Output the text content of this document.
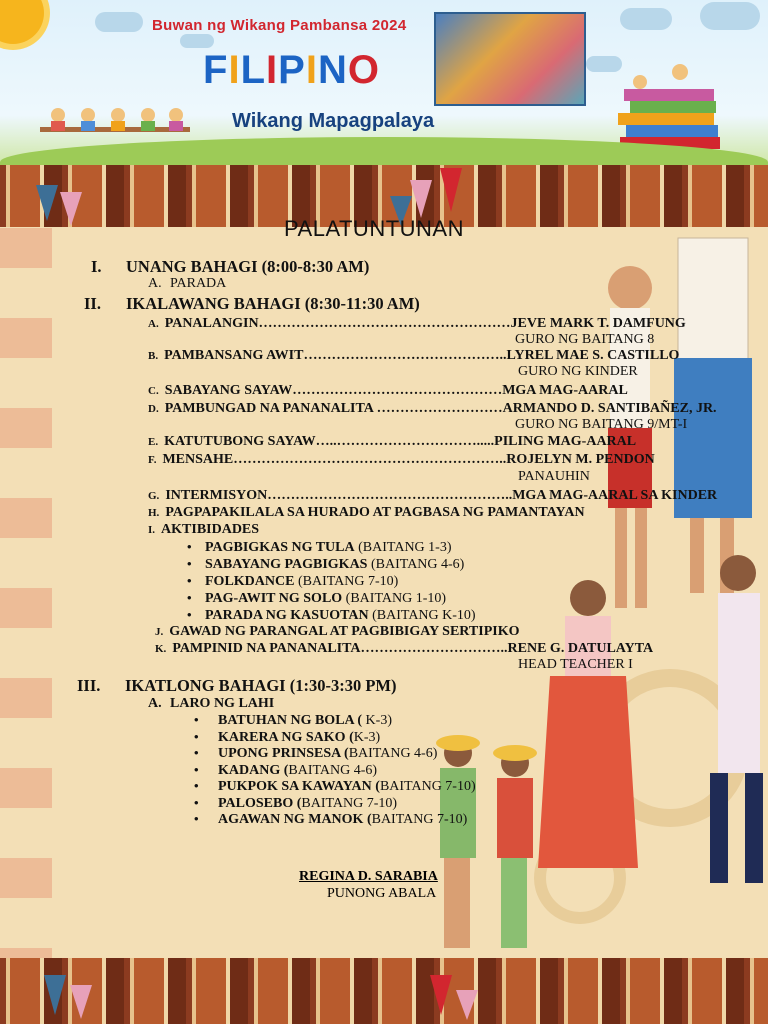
Buwan ng Wikang Pambansa 2024
FILIPINO
Wikang Mapagpalaya
PALATUNTUNAN
I. UNANG BAHAGI (8:00-8:30 AM)
A. PARADA
II. IKALAWANG BAHAGI (8:30-11:30 AM)
A. PANALANGIN………………………………………………JEVE MARK T. DAMFUNG
GURO NG BAITANG 8
B. PAMBANSANG AWIT……………………………………..LYREL MAE S. CASTILLO
GURO NG KINDER
C. SABAYANG SAYAW………………………………………MGA MAG-AARAL
D. PAMBUNGAD NA PANANALITA ………………………ARMANDO D. SANTIBAÑEZ, JR.
GURO NG BAITANG 9/MT-I
E. KATUTUBONG SAYAW…..………………………….....PILING MAG-AARAL
F. MENSAHE…………………………………………………..ROJELYN M. PENDON
PANAUHIN
G. INTERMISYON……………………………………………..MGA MAG-AARAL SA KINDER
H. PAGPAPAKILALA SA HURADO AT PAGBASA NG PAMANTAYAN
I. AKTIBIDADES
J. GAWAD NG PARANGAL AT PAGBIBIGAY SERTIPIKO
K. PAMPINID NA PANANALITA…………………………..RENE G. DATULAYTA
HEAD TEACHER I
• PAGBIGKAS NG TULA (BAITANG 1-3)
• SABAYANG PAGBIGKAS (BAITANG 4-6)
• FOLKDANCE (BAITANG 7-10)
• PAG-AWIT NG SOLO (BAITANG 1-10)
• PARADA NG KASUOTAN (BAITANG K-10)
III. IKATLONG BAHAGI (1:30-3:30 PM)
A. LARO NG LAHI
• BATUHAN NG BOLA ( K-3)
• KARERA NG SAKO (K-3)
• UPONG PRINSESA (BAITANG 4-6)
• KADANG (BAITANG 4-6)
• PUKPOK SA KAWAYAN (BAITANG 7-10)
• PALOSEBO (BAITANG 7-10)
• AGAWAN NG MANOK (BAITANG 7-10)
REGINA D. SARABIA
PUNONG ABALA
